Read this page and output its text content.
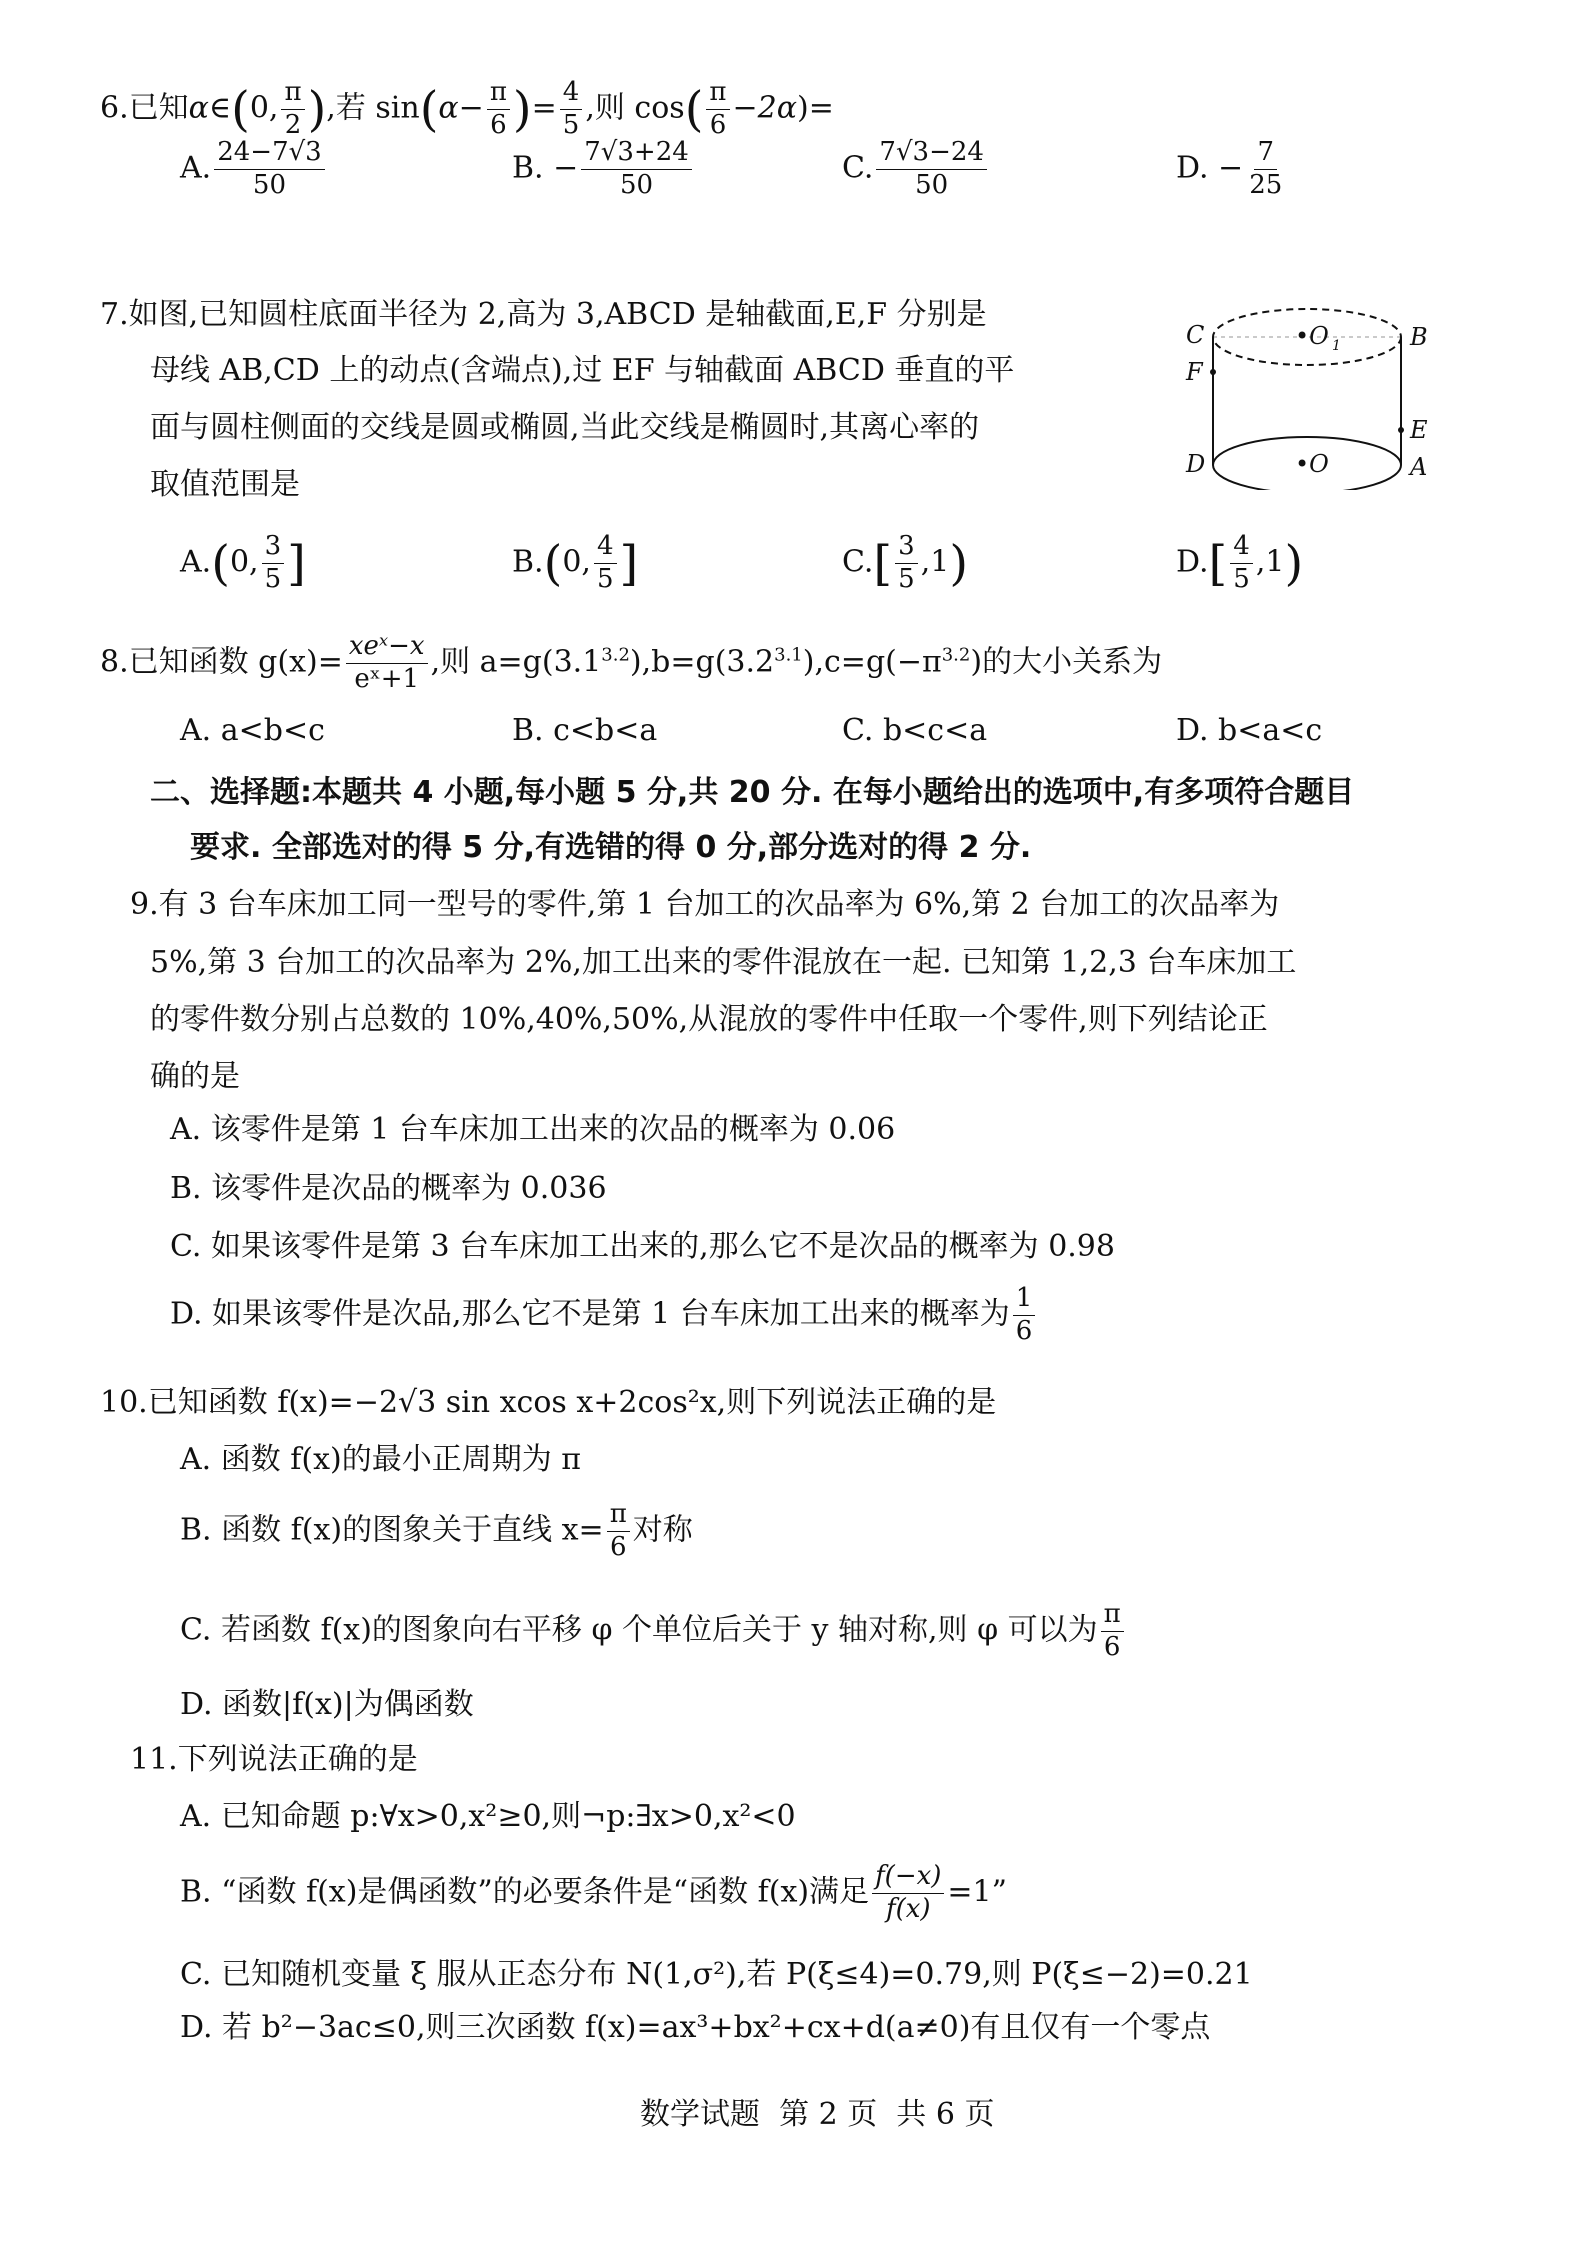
6.已知α∈(0, $\frac{\pi}{2}$ ),若 $\sin(\alpha- \frac{\pi}{6}$ )= $\frac{4}{5}$ ,则 $\cos( \frac{\pi}{6} -2\alpha)=$
A. $\frac{24-7√3}{50}$	B. − $\frac{7√3+24}{50}$	C. $\frac{7√3-24}{50}$	D. − $\frac{7}{25}$
7.如图,已知圆柱底面半径为 2,高为 3,ABCD 是轴截面,E,F 分别是
母线 AB,CD 上的动点(含端点),过 EF 与轴截面 ABCD 垂直的平
面与圆柱侧面的交线是圆或椭圆,当此交线是椭圆时,其离心率的
取值范围是
C
F
D
B
E
A
•O 1
•O
A.(0, $\frac{3}{5}$ ]	B.(0, $\frac{4}{5}$ ]	$C.[ \frac{3}{5} ,1)$	$D.[ \frac{4}{5} ,1)$
8.已知函数 g(x)= xeˣ−x
eˣ+1 ,则 $a=g(3.1^{3.2}),b=g(3.2^{3.1}),c=g(-\pi^{3.2})$的大小关系为
A. a<b<c	B. c<b<a	C. b<c<a	D. b<a<c
二、选择题:本题共 4 小题,每小题 5 分,共 20 分. 在每小题给出的选项中,有多项符合题目
要求. 全部选对的得 5 分,有选错的得 0 分,部分选对的得 2 分.
9.有 3 台车床加工同一型号的零件,第 1 台加工的次品率为 6%,第 2 台加工的次品率为
5%,第 3 台加工的次品率为 2%,加工出来的零件混放在一起. 已知第 1,2,3 台车床加工
的零件数分别占总数的 10%,40%,50%,从混放的零件中任取一个零件,则下列结论正
确的是
A. 该零件是第 1 台车床加工出来的次品的概率为 0.06
B. 该零件是次品的概率为 0.036
C. 如果该零件是第 3 台车床加工出来的,那么它不是次品的概率为 0.98
D. 如果该零件是次品,那么它不是第 1 台车床加工出来的概率为 $\frac{1}{6}$
10.已知函数 f(x)=−2√3 sin xcos x+2cos²x,则下列说法正确的是
A. 函数 f(x)的最小正周期为 π
B. 函数 f(x)的图象关于直线 $x= \frac{\pi}{6}$ 对称
C. 若函数 f(x)的图象向右平移 φ 个单位后关于 y 轴对称,则 φ 可以为 $\frac{\pi}{6}$
D. 函数|f(x)|为偶函数
11.下列说法正确的是
A. 已知命题 p:∀x>0,x²≥0,则¬p:∃x>0,x²<0
B. “函数 f(x)是偶函数”的必要条件是“函数 f(x)满足 $\frac{f(-x)}{f(x)} =1$”
C. 已知随机变量 ξ 服从正态分布 N(1,σ²),若 P(ξ≤4)=0.79,则 P(ξ≤−2)=0.21
D. 若 b²−3ac≤0,则三次函数 f(x)=ax³+bx²+cx+d(a≠0)有且仅有一个零点
数学试题  第 2 页  共 6 页
